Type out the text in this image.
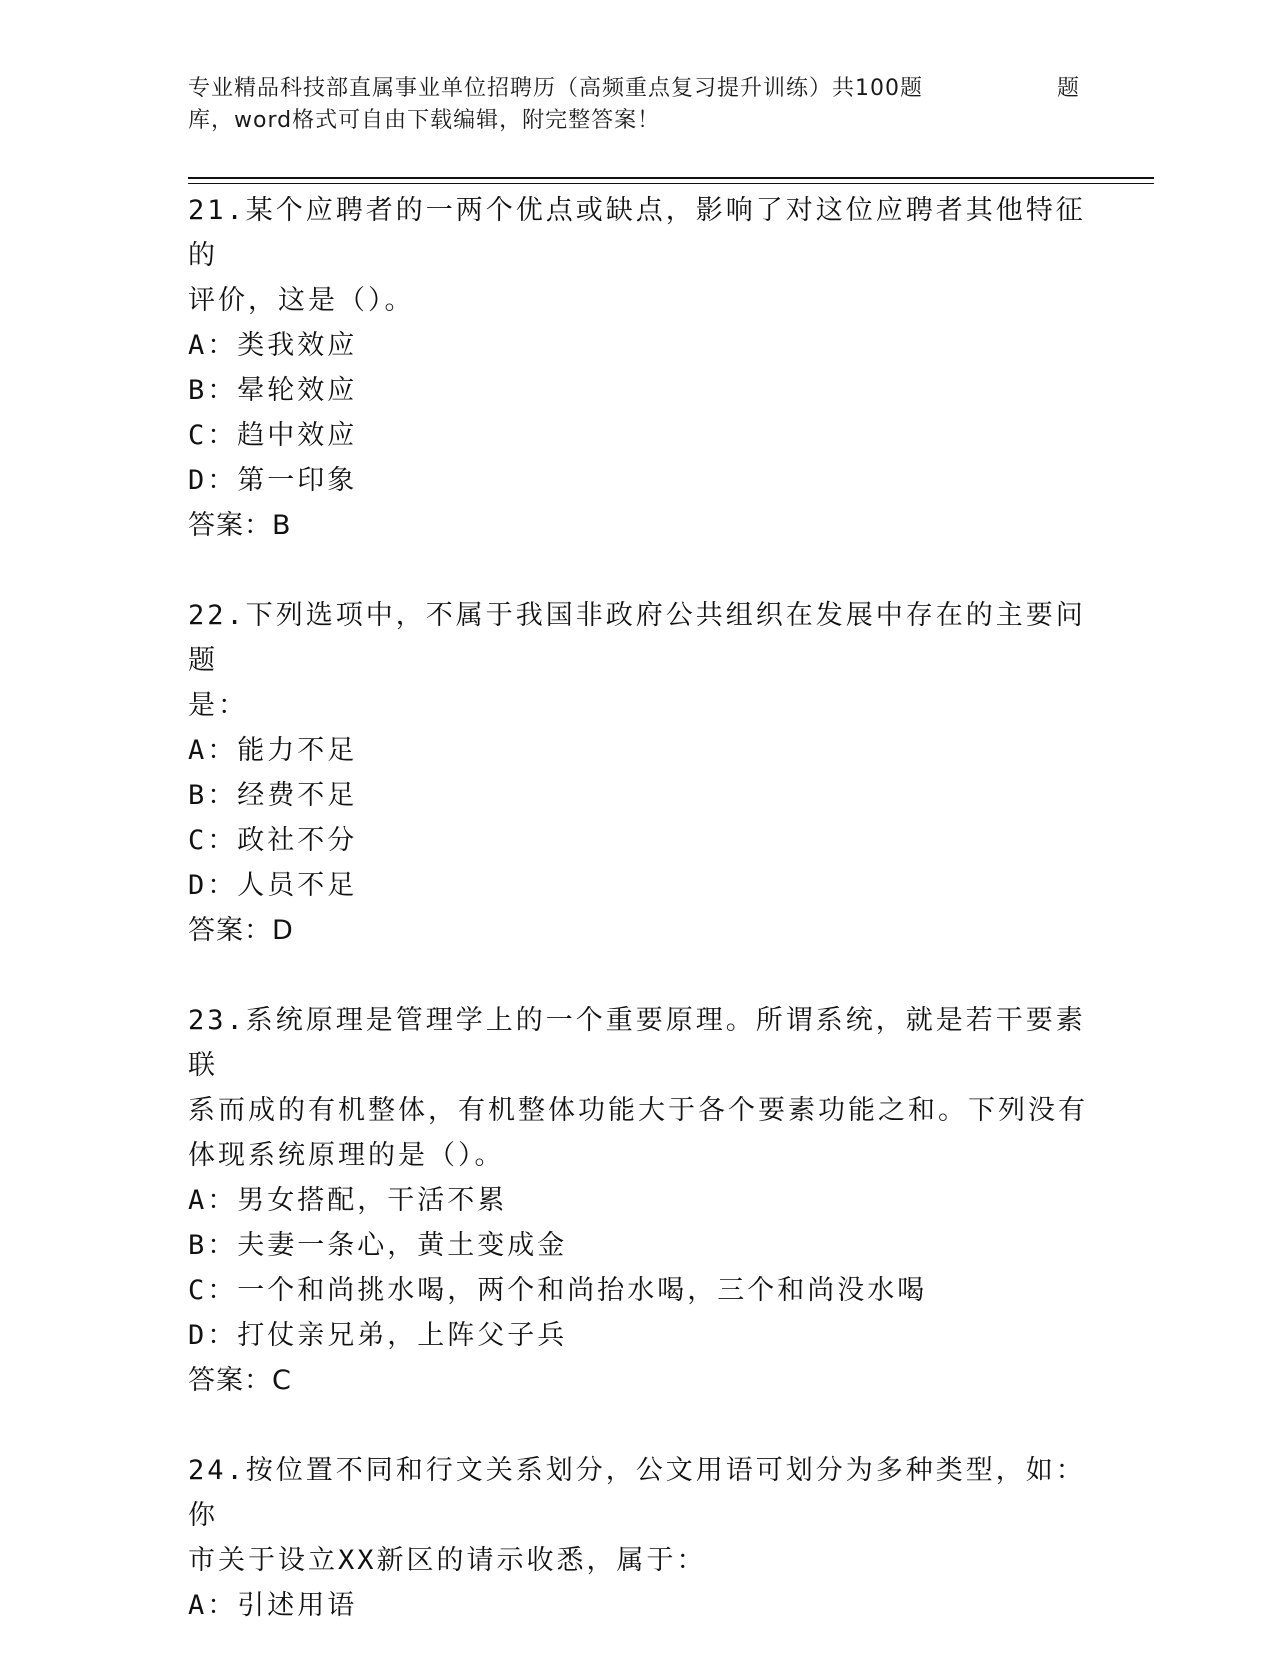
专业精品科技部直属事业单位招聘历（高频重点复习提升训练）共100题	题
库，word格式可自由下载编辑，附完整答案！
21.某个应聘者的一两个优点或缺点，影响了对这位应聘者其他特征的
评价，这是（）。
A：类我效应
B：晕轮效应
C：趋中效应
D：第一印象
答案：B
22.下列选项中，不属于我国非政府公共组织在发展中存在的主要问题
是：
A：能力不足
B：经费不足
C：政社不分
D：人员不足
答案：D
23.系统原理是管理学上的一个重要原理。所谓系统，就是若干要素联
系而成的有机整体，有机整体功能大于各个要素功能之和。下列没有
体现系统原理的是（）。
A：男女搭配，干活不累
B：夫妻一条心，黄土变成金
C：一个和尚挑水喝，两个和尚抬水喝，三个和尚没水喝
D：打仗亲兄弟，上阵父子兵
答案：C
24.按位置不同和行文关系划分，公文用语可划分为多种类型，如：你
市关于设立XX新区的请示收悉，属于：
A：引述用语
